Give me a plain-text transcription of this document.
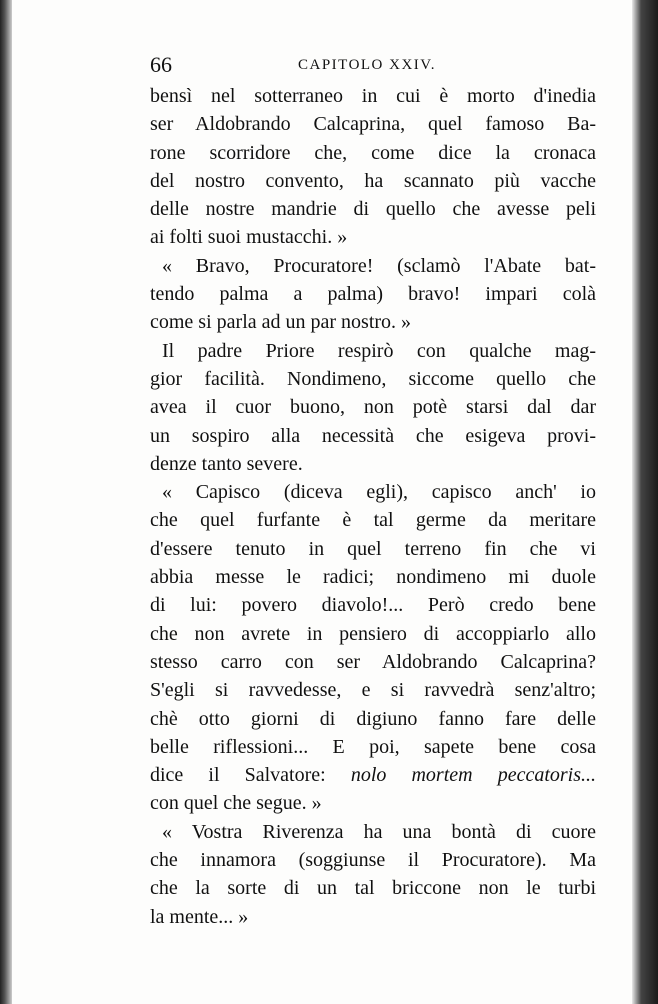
66	CAPITOLO XXIV.
bensì nel sotterraneo in cui è morto d'inedia
ser Aldobrando Calcaprina, quel famoso Ba-
rone scorridore che, come dice la cronaca
del nostro convento, ha scannato più vacche
delle nostre mandrie di quello che avesse peli
ai folti suoi mustacchi. »
« Bravo, Procuratore! (sclamò l'Abate bat-
tendo palma a palma) bravo! impari colà
come si parla ad un par nostro. »
Il padre Priore respirò con qualche mag-
gior facilità. Nondimeno, siccome quello che
avea il cuor buono, non potè starsi dal dar
un sospiro alla necessità che esigeva provi-
denze tanto severe.
« Capisco (diceva egli), capisco anch' io
che quel furfante è tal germe da meritare
d'essere tenuto in quel terreno fin che vi
abbia messe le radici; nondimeno mi duole
di lui: povero diavolo!... Però credo bene
che non avrete in pensiero di accoppiarlo allo
stesso carro con ser Aldobrando Calcaprina?
S'egli si ravvedesse, e si ravvedrà senz'altro;
chè otto giorni di digiuno fanno fare delle
belle riflessioni... E poi, sapete bene cosa
dice il Salvatore: nolo mortem peccatoris...
con quel che segue. »
« Vostra Riverenza ha una bontà di cuore
che innamora (soggiunse il Procuratore). Ma
che la sorte di un tal briccone non le turbi
la mente... »
